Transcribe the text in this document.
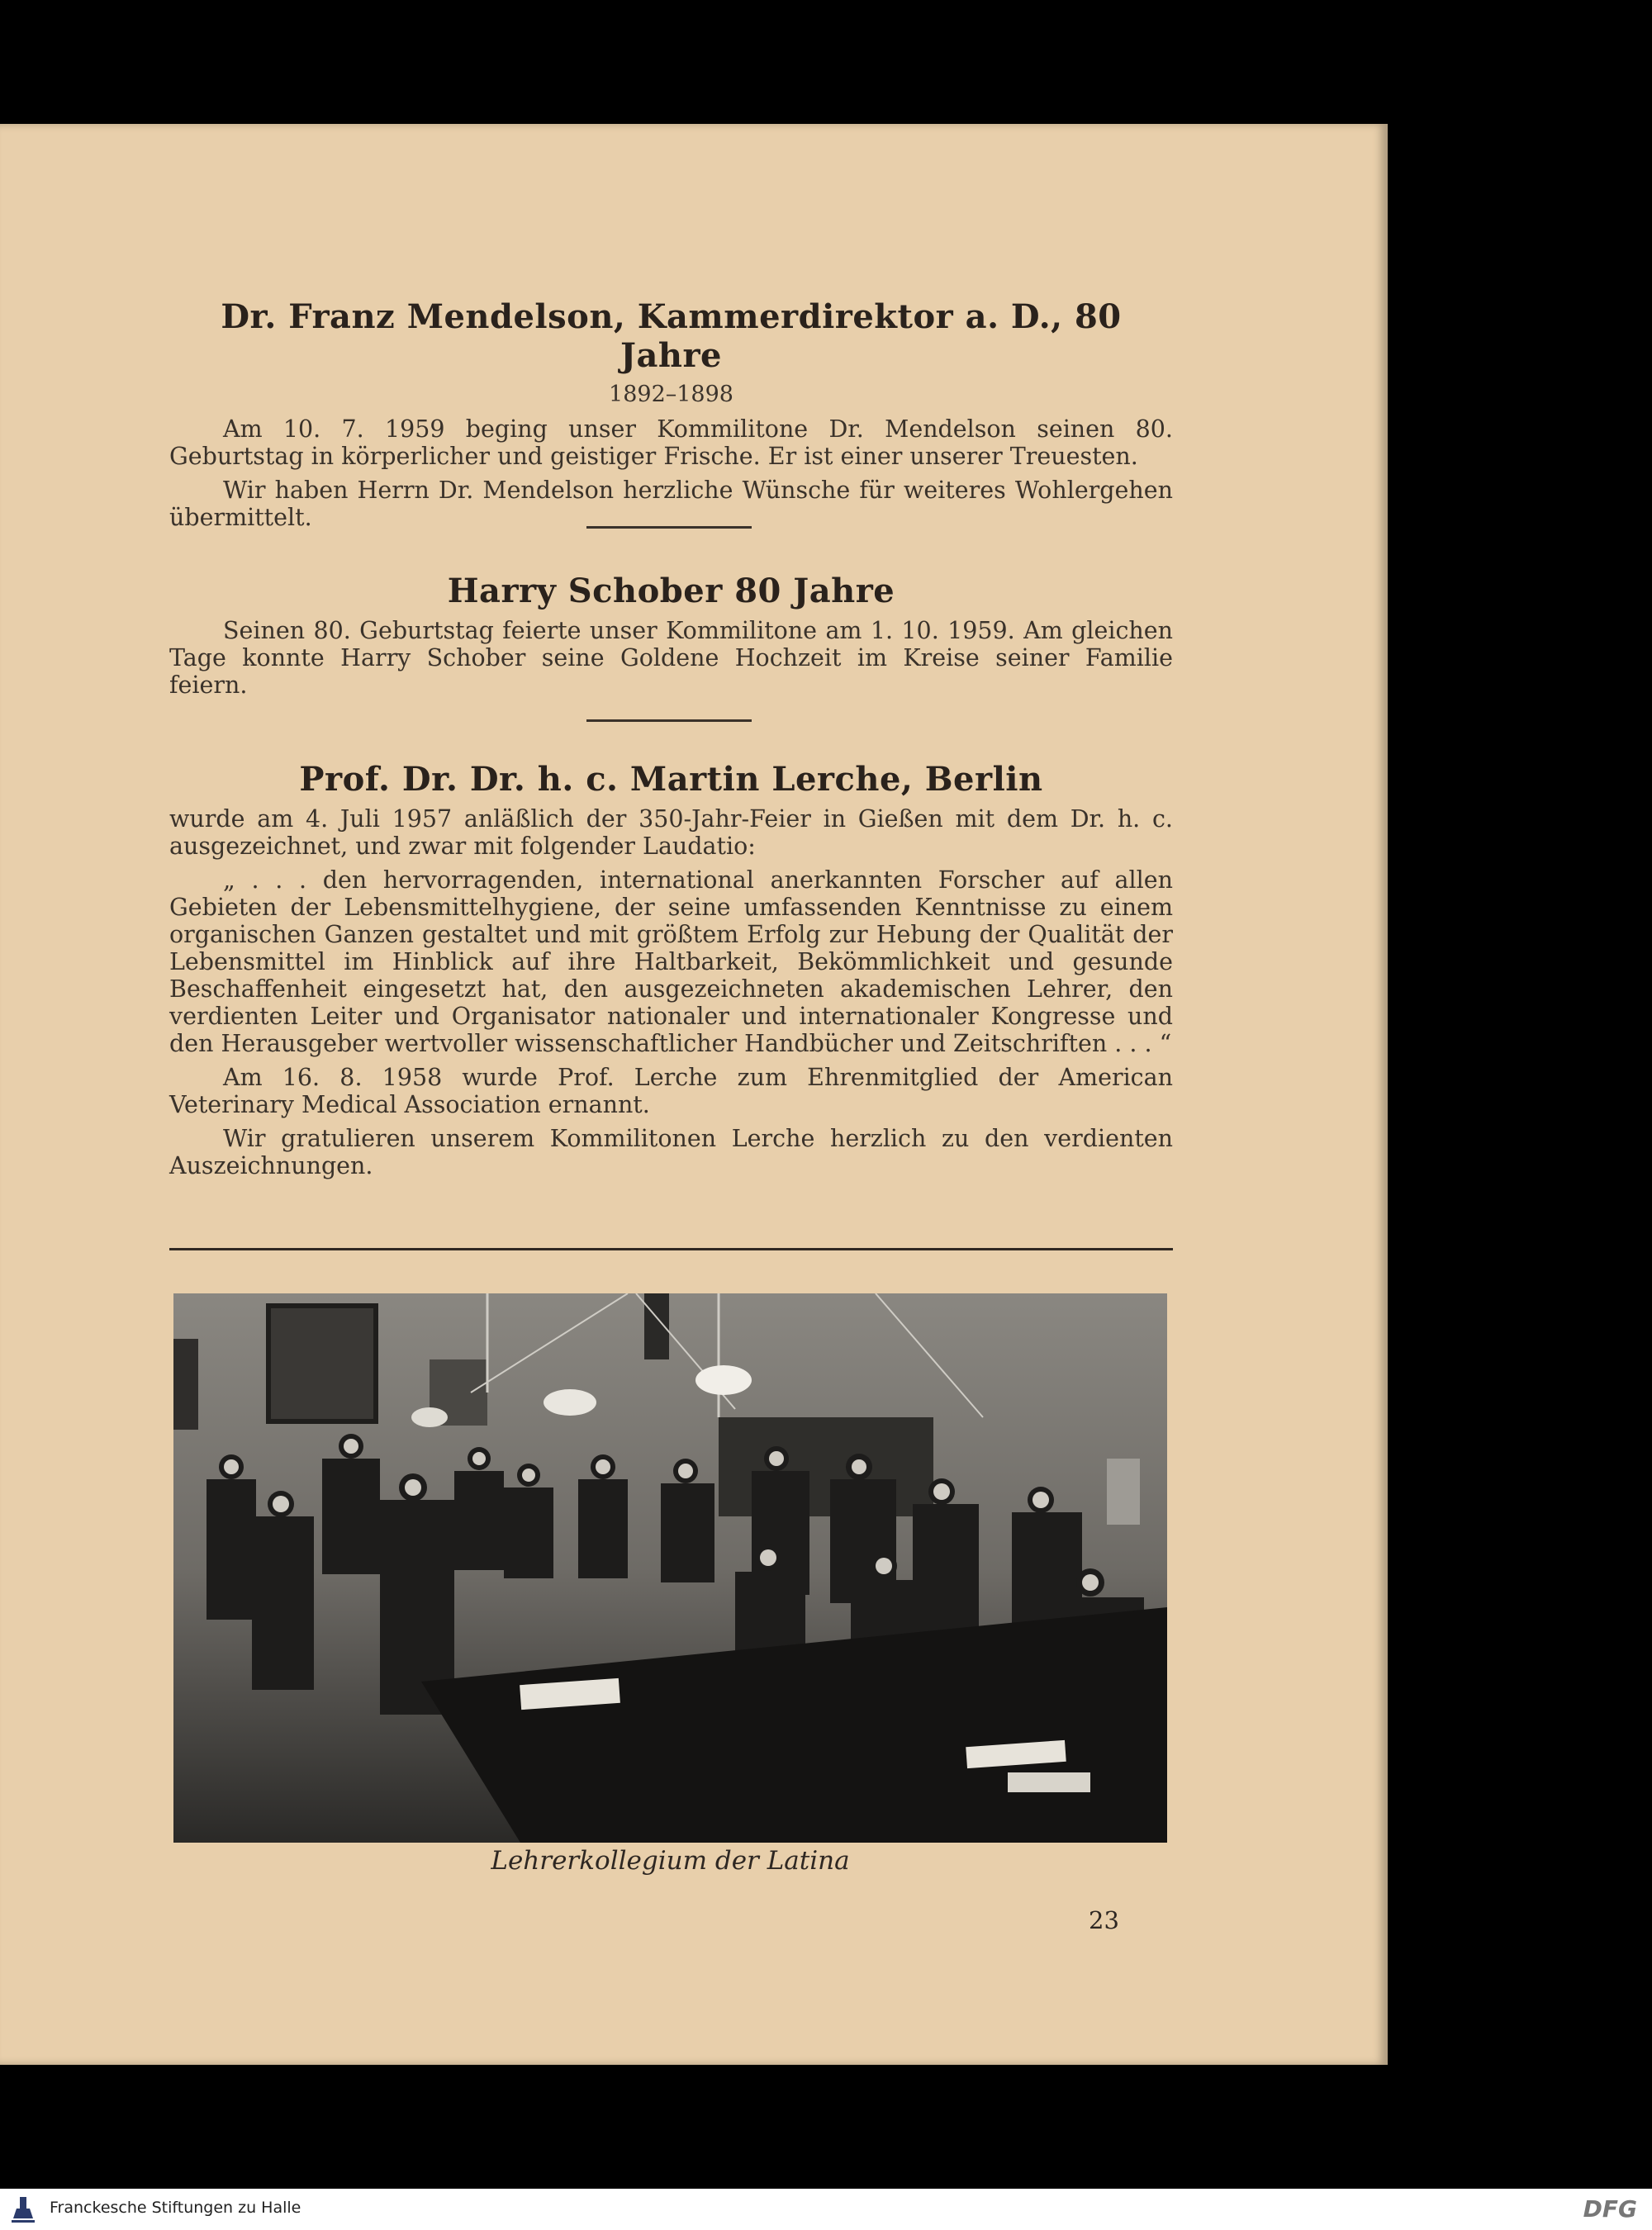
Dr. Franz Mendelson, Kammerdirektor a. D., 80 Jahre
1892–1898

Am 10. 7. 1959 beging unser Kommilitone Dr. Mendelson seinen 80. Geburtstag in körperlicher und geistiger Frische. Er ist einer unserer Treuesten.

Wir haben Herrn Dr. Mendelson herzliche Wünsche für weiteres Wohlergehen übermittelt.

Harry Schober 80 Jahre

Seinen 80. Geburtstag feierte unser Kommilitone am 1. 10. 1959. Am gleichen Tage konnte Harry Schober seine Goldene Hochzeit im Kreise seiner Familie feiern.

Prof. Dr. Dr. h. c. Martin Lerche, Berlin

wurde am 4. Juli 1957 anläßlich der 350-Jahr-Feier in Gießen mit dem Dr. h. c. ausgezeichnet, und zwar mit folgender Laudatio:

„ . . . den hervorragenden, international anerkannten Forscher auf allen Gebieten der Lebensmittelhygiene, der seine umfassenden Kenntnisse zu einem organischen Ganzen gestaltet und mit größtem Erfolg zur Hebung der Qualität der Lebensmittel im Hinblick auf ihre Haltbarkeit, Bekömmlichkeit und gesunde Beschaffenheit eingesetzt hat, den ausgezeichneten akademischen Lehrer, den verdienten Leiter und Organisator nationaler und internationaler Kongresse und den Herausgeber wertvoller wissenschaftlicher Handbücher und Zeitschriften . . . “

Am 16. 8. 1958 wurde Prof. Lerche zum Ehrenmitglied der American Veterinary Medical Association ernannt.

Wir gratulieren unserem Kommilitonen Lerche herzlich zu den verdienten Auszeichnungen.

Lehrerkollegium der Latina
23
Franckesche Stiftungen zu Halle	DFG
